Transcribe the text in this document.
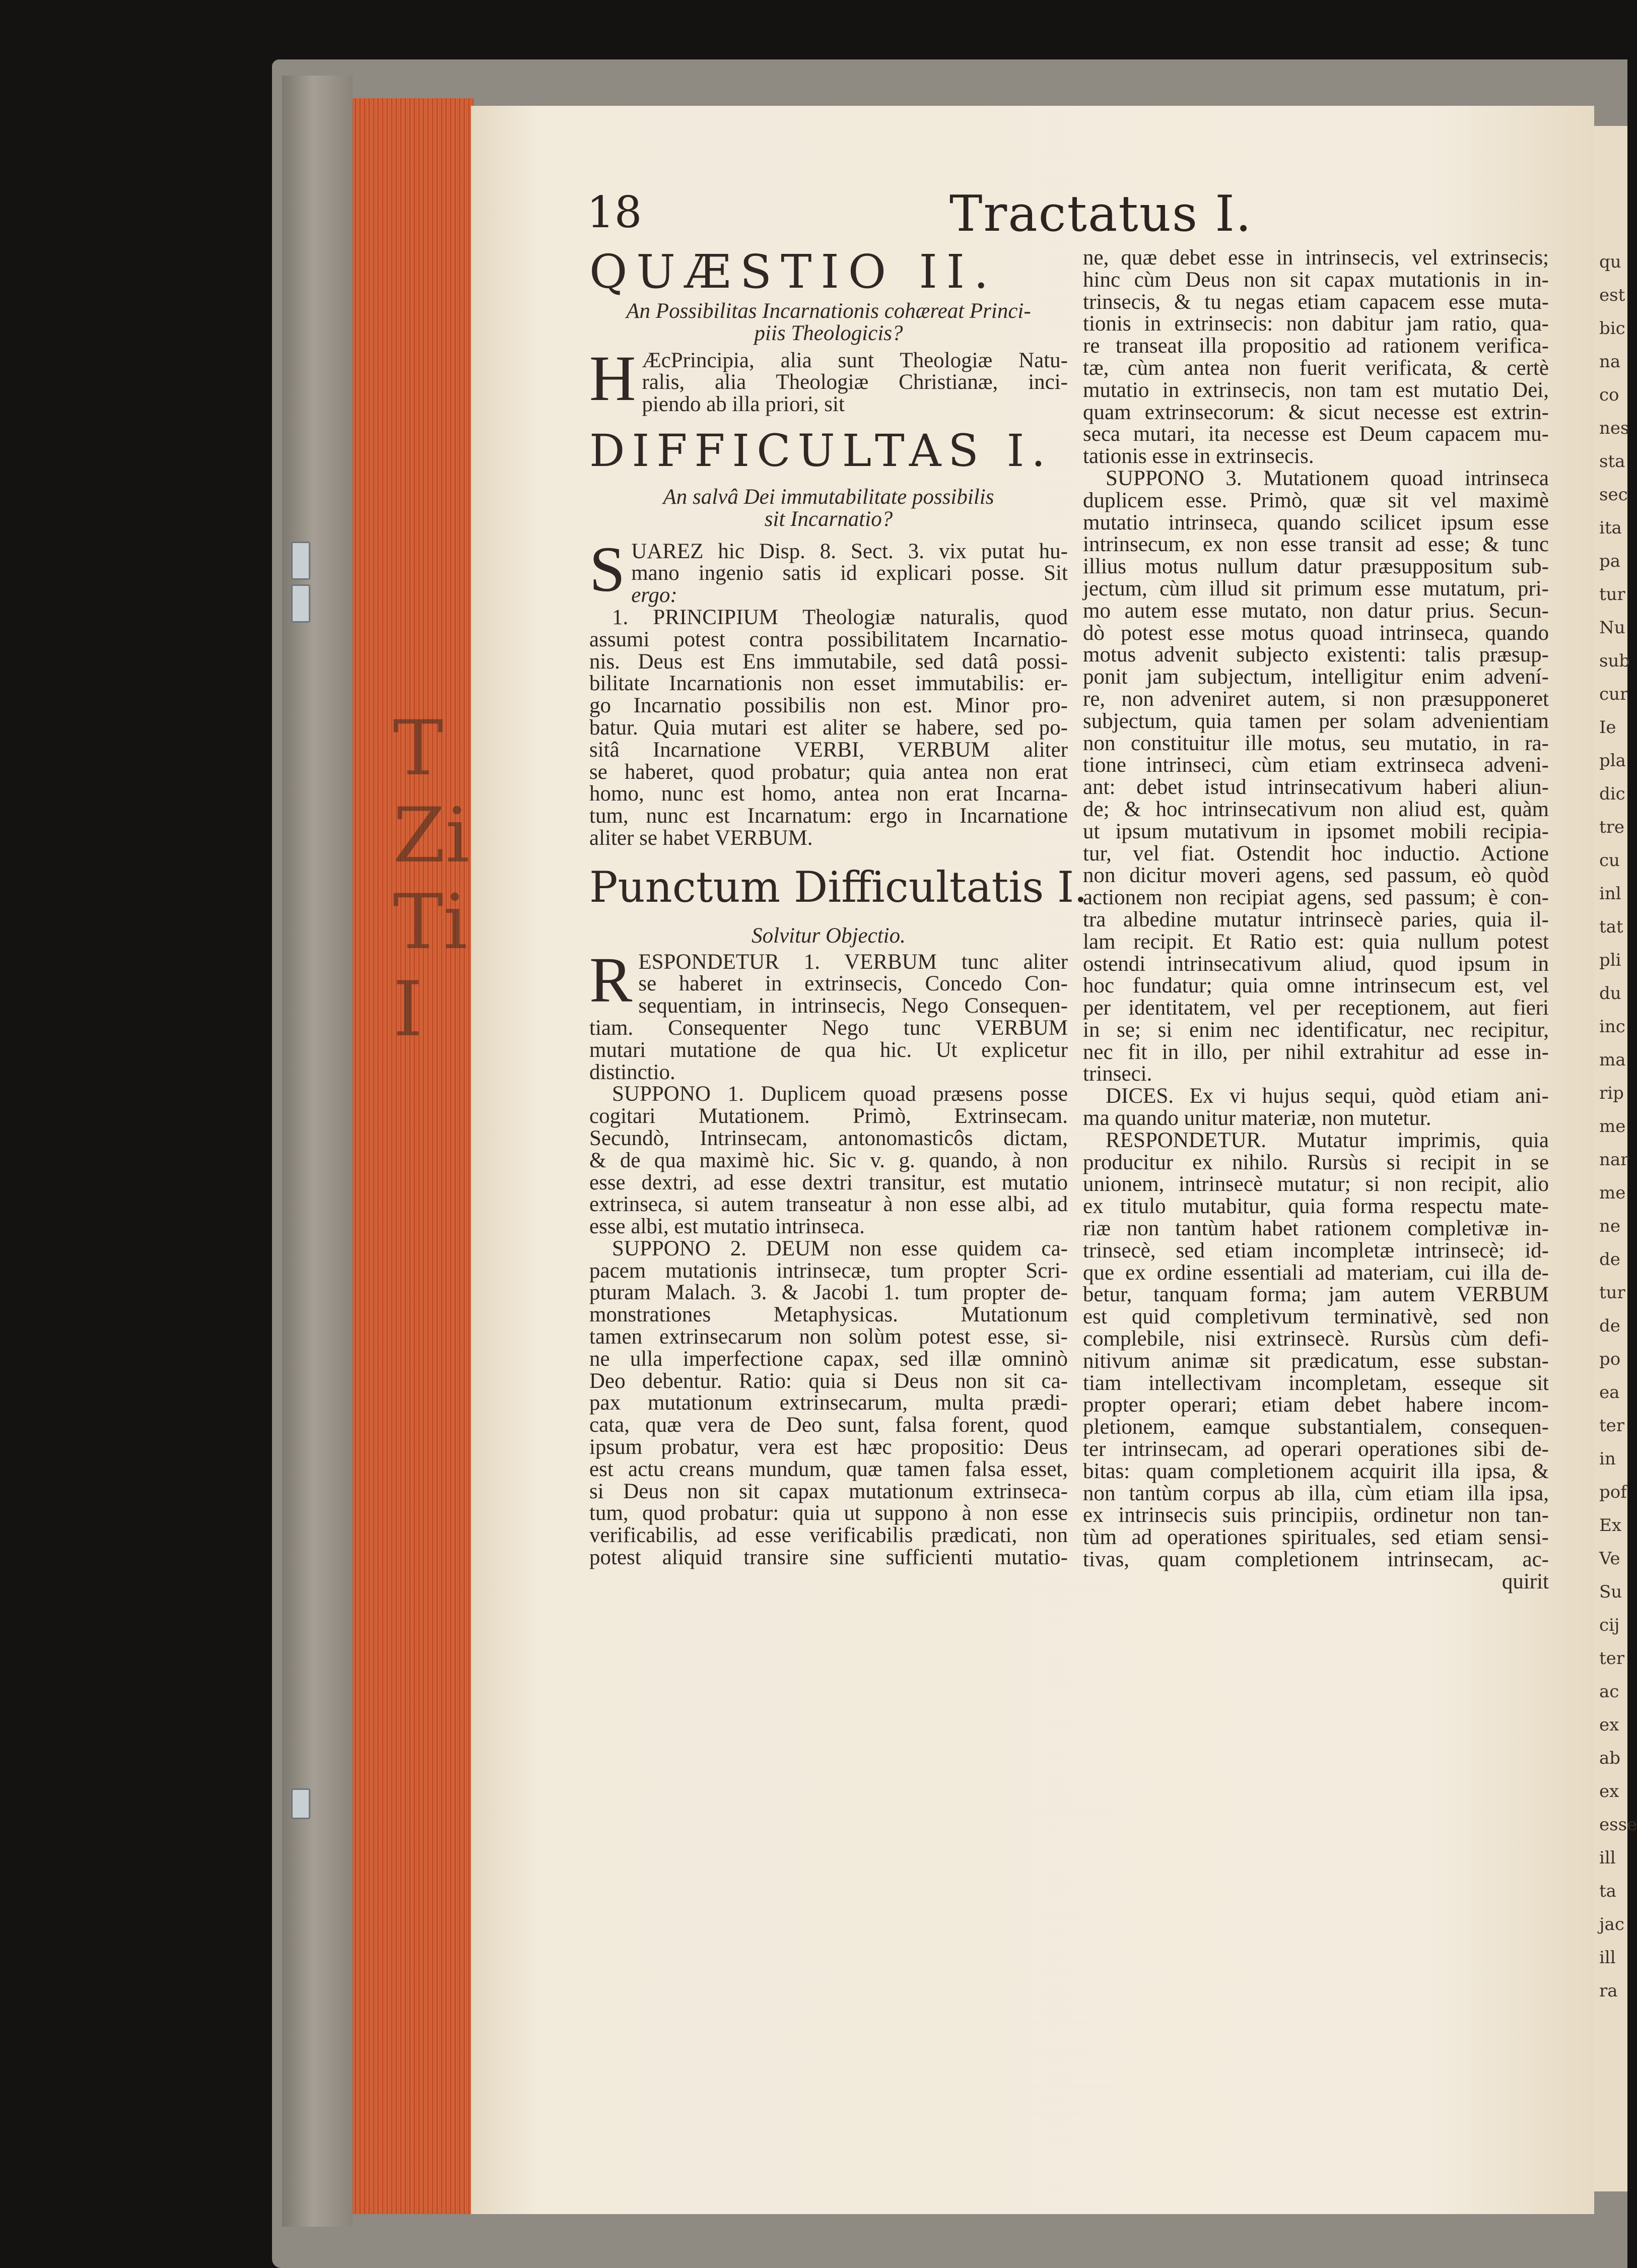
qu
est
bic
na
co
nes
sta
sec
ita
pa
tur
Nu
sub
cur
Ie
pla
dic
tre
cu
inl
tat
pli
du
inc
ma
rip
me
nar
me
ne
de
tur
de
po
ea
ter
in
pof
Ex
Ve
Su
cij
ter
ac
ex
ab
ex
esse
ill
ta
jac
ill
ra
T
Zi
Ti
I
18	Tractatus I.
QUÆSTIO II.
An Possibilitas Incarnationis cohæreat Princi-
piis Theologicis?
H ÆcPrincipia, alia sunt Theologiæ Natu-
ralis, alia Theologiæ Christianæ, inci-
piendo ab illa priori, sit
DIFFICULTAS I.
An salvâ Dei immutabilitate possibilis
sit Incarnatio?
S UAREZ hic Disp. 8. Sect. 3. vix putat hu-
mano ingenio satis id explicari posse. Sit
ergo:
1. PRINCIPIUM Theologiæ naturalis, quod
assumi potest contra possibilitatem Incarnatio-
nis. Deus est Ens immutabile, sed datâ possi-
bilitate Incarnationis non esset immutabilis: er-
go Incarnatio possibilis non est. Minor pro-
batur. Quia mutari est aliter se habere, sed po-
sitâ Incarnatione VERBI, VERBUM aliter
se haberet, quod probatur; quia antea non erat
homo, nunc est homo, antea non erat Incarna-
tum, nunc est Incarnatum: ergo in Incarnatione
aliter se habet VERBUM.
Punctum Difficultatis I.
Solvitur Objectio.
R ESPONDETUR 1. VERBUM tunc aliter
se haberet in extrinsecis, Concedo Con-
sequentiam, in intrinsecis, Nego Consequen-
tiam. Consequenter Nego tunc VERBUM
mutari mutatione de qua hic. Ut explicetur
distinctio.
SUPPONO 1. Duplicem quoad præsens posse
cogitari Mutationem. Primò, Extrinsecam.
Secundò, Intrinsecam, antonomasticôs dictam,
& de qua maximè hic. Sic v. g. quando, à non
esse dextri, ad esse dextri transitur, est mutatio
extrinseca, si autem transeatur à non esse albi, ad
esse albi, est mutatio intrinseca.
SUPPONO 2. DEUM non esse quidem ca-
pacem mutationis intrinsecæ, tum propter Scri-
pturam Malach. 3. & Jacobi 1. tum propter de-
monstrationes Metaphysicas. Mutationum
tamen extrinsecarum non solùm potest esse, si-
ne ulla imperfectione capax, sed illæ omninò
Deo debentur. Ratio: quia si Deus non sit ca-
pax mutationum extrinsecarum, multa prædi-
cata, quæ vera de Deo sunt, falsa forent, quod
ipsum probatur, vera est hæc propositio: Deus
est actu creans mundum, quæ tamen falsa esset,
si Deus non sit capax mutationum extrinseca-
tum, quod probatur: quia ut suppono à non esse
verificabilis, ad esse verificabilis prædicati, non
potest aliquid transire sine sufficienti mutatio-
ne, quæ debet esse in intrinsecis, vel extrinsecis;
hinc cùm Deus non sit capax mutationis in in-
trinsecis, & tu negas etiam capacem esse muta-
tionis in extrinsecis: non dabitur jam ratio, qua-
re transeat illa propositio ad rationem verifica-
tæ, cùm antea non fuerit verificata, & certè
mutatio in extrinsecis, non tam est mutatio Dei,
quam extrinsecorum: & sicut necesse est extrin-
seca mutari, ita necesse est Deum capacem mu-
tationis esse in extrinsecis.
SUPPONO 3. Mutationem quoad intrinseca
duplicem esse. Primò, quæ sit vel maximè
mutatio intrinseca, quando scilicet ipsum esse
intrinsecum, ex non esse transit ad esse; & tunc
illius motus nullum datur præsuppositum sub-
jectum, cùm illud sit primum esse mutatum, pri-
mo autem esse mutato, non datur prius. Secun-
dò potest esse motus quoad intrinseca, quando
motus advenit subjecto existenti: talis præsup-
ponit jam subjectum, intelligitur enim advení-
re, non adveniret autem, si non præsupponeret
subjectum, quia tamen per solam advenientiam
non constituitur ille motus, seu mutatio, in ra-
tione intrinseci, cùm etiam extrinseca adveni-
ant: debet istud intrinsecativum haberi aliun-
de; & hoc intrinsecativum non aliud est, quàm
ut ipsum mutativum in ipsomet mobili recipia-
tur, vel fiat. Ostendit hoc inductio. Actione
non dicitur moveri agens, sed passum, eò quòd
actionem non recipiat agens, sed passum; è con-
tra albedine mutatur intrinsecè paries, quia il-
lam recipit. Et Ratio est: quia nullum potest
ostendi intrinsecativum aliud, quod ipsum in
hoc fundatur; quia omne intrinsecum est, vel
per identitatem, vel per receptionem, aut fieri
in se; si enim nec identificatur, nec recipitur,
nec fit in illo, per nihil extrahitur ad esse in-
trinseci.
DICES. Ex vi hujus sequi, quòd etiam ani-
ma quando unitur materiæ, non mutetur.
RESPONDETUR. Mutatur imprimis, quia
producitur ex nihilo. Rursùs si recipit in se
unionem, intrinsecè mutatur; si non recipit, alio
ex titulo mutabitur, quia forma respectu mate-
riæ non tantùm habet rationem completivæ in-
trinsecè, sed etiam incompletæ intrinsecè; id-
que ex ordine essentiali ad materiam, cui illa de-
betur, tanquam forma; jam autem VERBUM
est quid completivum terminativè, sed non
complebile, nisi extrinsecè. Rursùs cùm defi-
nitivum animæ sit prædicatum, esse substan-
tiam intellectivam incompletam, esseque sit
propter operari; etiam debet habere incom-
pletionem, eamque substantialem, consequen-
ter intrinsecam, ad operari operationes sibi de-
bitas: quam completionem acquirit illa ipsa, &
non tantùm corpus ab illa, cùm etiam illa ipsa,
ex intrinsecis suis principiis, ordinetur non tan-
tùm ad operationes spirituales, sed etiam sensi-
tivas, quam completionem intrinsecam, ac-
quirit
